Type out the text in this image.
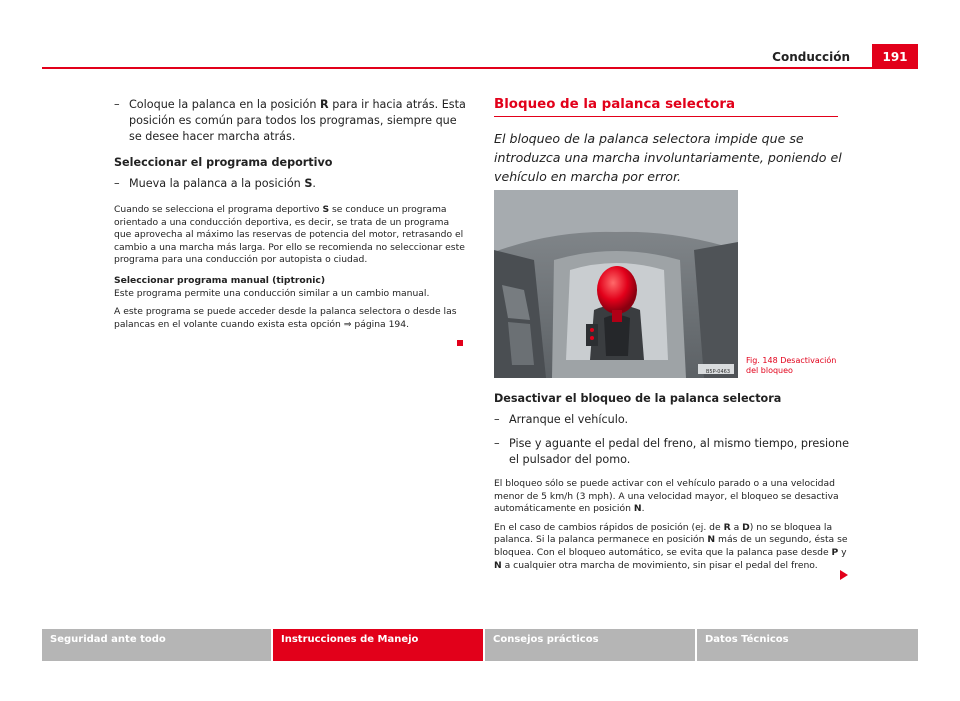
Conducción	191
– Coloque la palanca en la posición R para ir hacia atrás. Esta posición es común para todos los programas, siempre que se desee hacer marcha atrás.
Seleccionar el programa deportivo
– Mueva la palanca a la posición S.

Cuando se selecciona el programa deportivo S se conduce un programa orientado a una conducción deportiva, es decir, se trata de un programa que aprovecha al máximo las reservas de potencia del motor, retrasando el cambio a una marcha más larga. Por ello se recomienda no seleccionar este programa para una conducción por autopista o ciudad.

Seleccionar programa manual (tiptronic)

Este programa permite una conducción similar a un cambio manual.

A este programa se puede acceder desde la palanca selectora o desde las palancas en el volante cuando exista esta opción ⇒ página 194.

Bloqueo de la palanca selectora
El bloqueo de la palanca selectora impide que se introduzca una marcha involuntariamente, poniendo el vehículo en marcha por error.
B5P-0463
Fig. 148 Desactivación
del bloqueo
Desactivar el bloqueo de la palanca selectora
– Arranque el vehículo.
– Pise y aguante el pedal del freno, al mismo tiempo, presione el pulsador del pomo.

El bloqueo sólo se puede activar con el vehículo parado o a una velocidad menor de 5 km/h (3 mph). A una velocidad mayor, el bloqueo se desactiva automáticamente en posición N.

En el caso de cambios rápidos de posición (ej. de R a D) no se bloquea la palanca. Si la palanca permanece en posición N más de un segundo, ésta se bloquea. Con el bloqueo automático, se evita que la palanca pase desde P y N a cualquier otra marcha de movimiento, sin pisar el pedal del freno.

Seguridad ante todo	Instrucciones de Manejo	Consejos prácticos	Datos Técnicos
